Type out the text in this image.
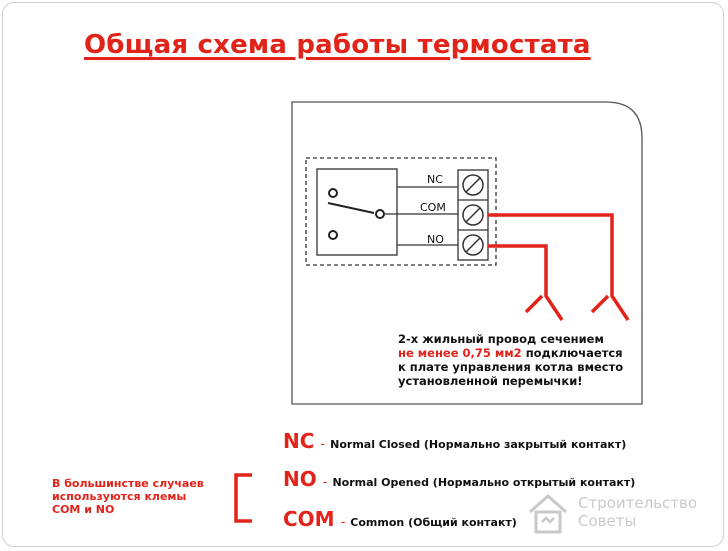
Общая схема работы термостата
NC
COM
NO
2-х жильный провод сечением
не менее 0,75 мм2 подключается
к плате управления котла вместо
установленной перемычки!
NC - Normal Closed (Нормально закрытый контакт)
NO - Normal Opened (Нормально открытый контакт)
COM - Common (Общий контакт)
В большинстве случаев
используются клемы
COM и NO	Строительство
Советы
